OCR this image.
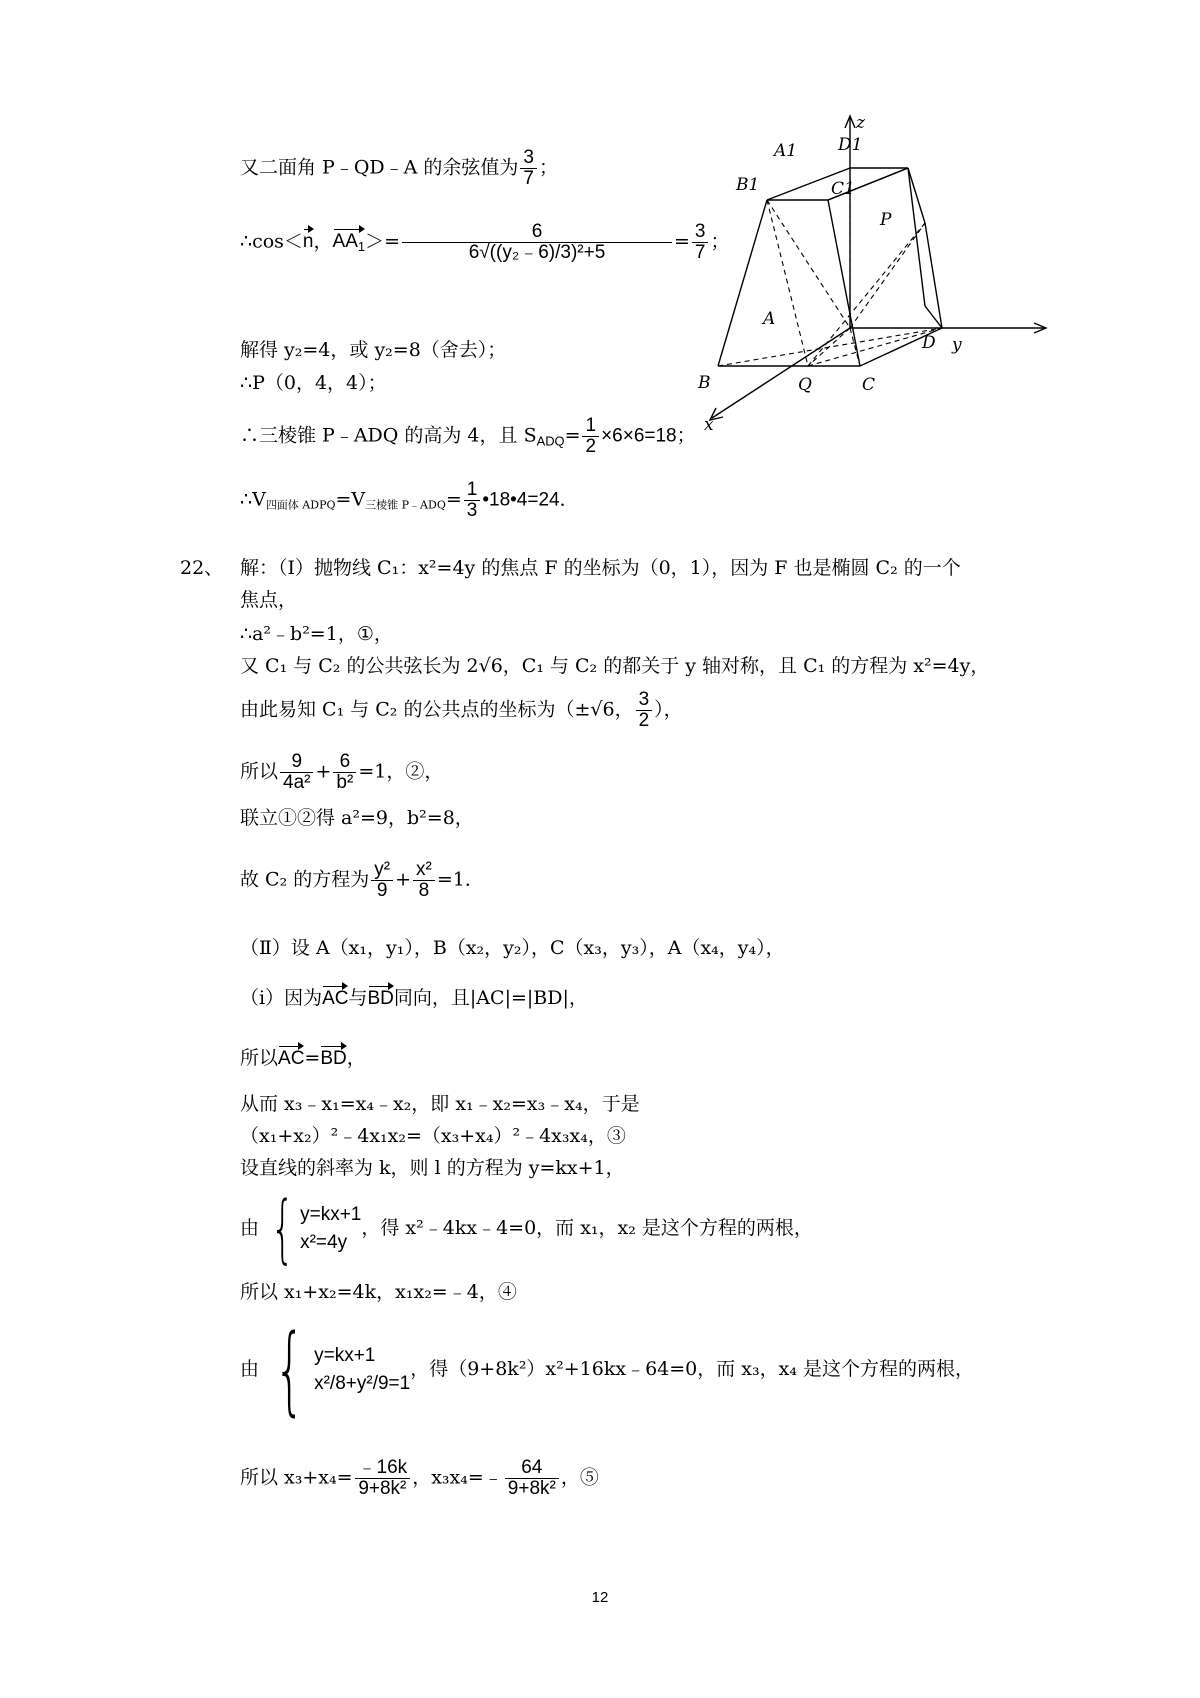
又二面角 P﹣QD﹣A 的余弦值为 $\frac{3}{7}$ ；
∴cos＜n，$AA_1>= \frac{6}{\text{6√((y₂﹣6)/3)²+5}} = \frac{3}{7}$ ；
解得 y₂=4，或 y₂=8（舍去）；
∴P（0，4，4）；
∴三棱锥 P﹣ADQ 的高为 4，且 $S_{ADQ}= \frac{1}{2} \times 6\times 6=18$；
$\therefore V_{四面体 ADPQ}=V_{三棱锥 P﹣ADQ}= \frac{1}{3}$ •18•4=24．
z
A1 D1
B1	C1
P
A
D y
B	Q	C
x
22、 解：（Ⅰ）抛物线 C₁：x²=4y 的焦点 F 的坐标为（0，1），因为 F 也是椭圆 C₂ 的一个
焦点，
∴a²﹣b²=1，①，
又 C₁ 与 C₂ 的公共弦长为 2√6，C₁ 与 C₂ 的都关于 y 轴对称，且 C₁ 的方程为 x²=4y，
由此易知 C₁ 与 C₂ 的公共点的坐标为（±√6， $\frac{3}{2}$ ），
所以 $\frac{9}{\text{4a²}} + \frac{6}{\text{b²}} =1$，②，
联立①②得 a²=9，b²=8，
故 C₂ 的方程为 $\frac{\text{y²}}{9} + \frac{\text{x²}}{8} =1$．
（Ⅱ）设 A（x₁，y₁），B（x₂，y₂），C（x₃，y₃），A（x₄，y₄），
（ⅰ）因为AC与BD同向，且|AC|=|BD|，
所以AC=BD，
从而 x₃﹣x₁=x₄﹣x₂，即 x₁﹣x₂=x₃﹣x₄，于是
（x₁+x₂）²﹣4x₁x₂=（x₃+x₄）²﹣4x₃x₄，③
设直线的斜率为 k，则 l 的方程为 y=kx+1，
由 { y=kx+1
x²=4y
，得 x²﹣4kx﹣4=0，而 x₁，x₂ 是这个方程的两根，
所以 x₁+x₂=4k，x₁x₂=﹣4，④
由 { y=kx+1
x²/8+y²/9=1
，得（9+8k²）x²+16kx﹣64=0，而 x₃，x₄ 是这个方程的两根，
所以 $x_3+x_4= \frac{﹣16k}{\text{9+8k²}}$ ，x₃x₄=﹣ $\frac{64}{\text{9+8k²}}$ ，⑤
12
